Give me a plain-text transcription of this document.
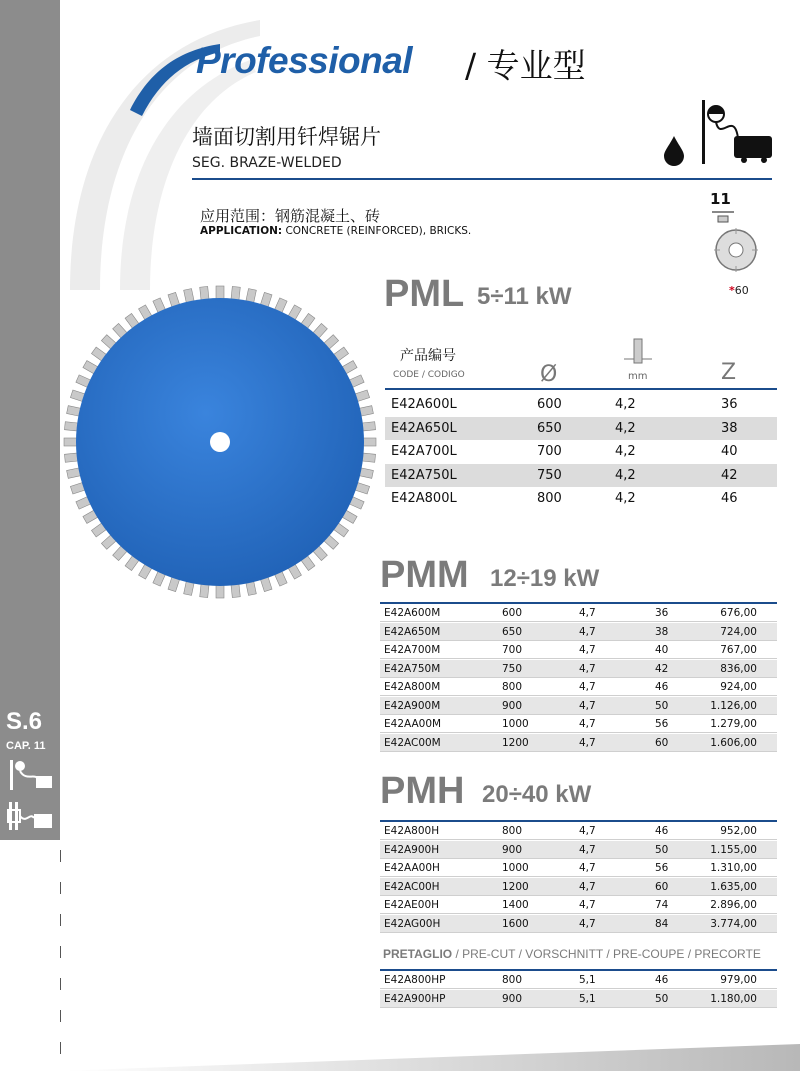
S.6
CAP. 11
Professional / 专业型
墙面切割用钎焊锯片
SEG. BRAZE-WELDED
应用范围：钢筋混凝土、砖
APPLICATION: CONCRETE (REINFORCED), BRICKS.
11
*60
PML 5÷11 kW
产品编号
CODE / CODIGO	Ø	mm	Z
E42A600L	600	4,2	36
E42A650L	650	4,2	38
E42A700L	700	4,2	40
E42A750L	750	4,2	42
E42A800L	800	4,2	46
PMM 12÷19 kW
E42A600M	600	4,7	36	676,00
E42A650M	650	4,7	38	724,00
E42A700M	700	4,7	40	767,00
E42A750M	750	4,7	42	836,00
E42A800M	800	4,7	46	924,00
E42A900M	900	4,7	50	1.126,00
E42AA00M	1000	4,7	56	1.279,00
E42AC00M	1200	4,7	60	1.606,00
PMH 20÷40 kW
E42A800H	800	4,7	46	952,00
E42A900H	900	4,7	50	1.155,00
E42AA00H	1000	4,7	56	1.310,00
E42AC00H	1200	4,7	60	1.635,00
E42AE00H	1400	4,7	74	2.896,00
E42AG00H	1600	4,7	84	3.774,00
PRETAGLIO / PRE-CUT / VORSCHNITT / PRE-COUPE / PRECORTE
E42A800HP	800	5,1	46	979,00
E42A900HP	900	5,1	50	1.180,00
